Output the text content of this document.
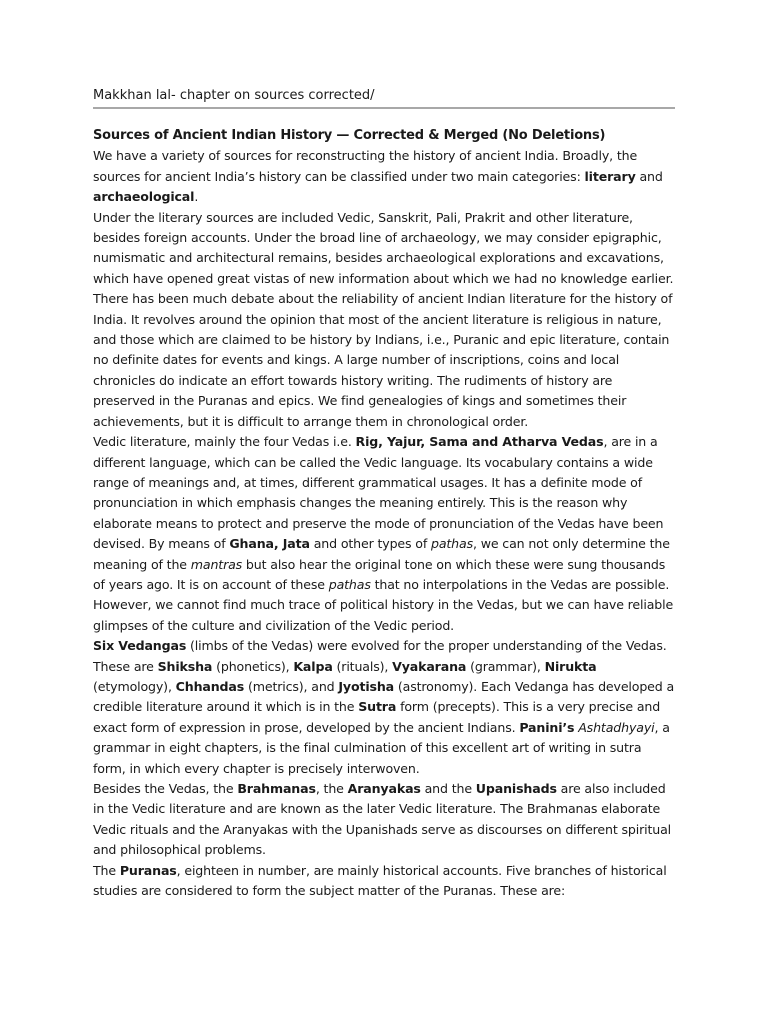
Makkhan lal- chapter on sources corrected/
Sources of Ancient Indian History — Corrected & Merged (No Deletions)

We have a variety of sources for reconstructing the history of ancient India. Broadly, the sources for ancient India’s history can be classified under two main categories: literary and archaeological.

Under the literary sources are included Vedic, Sanskrit, Pali, Prakrit and other literature, besides foreign accounts. Under the broad line of archaeology, we may consider epigraphic, numismatic and architectural remains, besides archaeological explorations and excavations, which have opened great vistas of new information about which we had no knowledge earlier.

There has been much debate about the reliability of ancient Indian literature for the history of India. It revolves around the opinion that most of the ancient literature is religious in nature, and those which are claimed to be history by Indians, i.e., Puranic and epic literature, contain no definite dates for events and kings. A large number of inscriptions, coins and local chronicles do indicate an effort towards history writing. The rudiments of history are preserved in the Puranas and epics. We find genealogies of kings and sometimes their achievements, but it is difficult to arrange them in chronological order.

Vedic literature, mainly the four Vedas i.e. Rig, Yajur, Sama and Atharva Vedas, are in a different language, which can be called the Vedic language. Its vocabulary contains a wide range of meanings and, at times, different grammatical usages. It has a definite mode of pronunciation in which emphasis changes the meaning entirely. This is the reason why elaborate means to protect and preserve the mode of pronunciation of the Vedas have been devised. By means of Ghana, Jata and other types of pathas, we can not only determine the meaning of the mantras but also hear the original tone on which these were sung thousands of years ago. It is on account of these pathas that no interpolations in the Vedas are possible. However, we cannot find much trace of political history in the Vedas, but we can have reliable glimpses of the culture and civilization of the Vedic period.

Six Vedangas (limbs of the Vedas) were evolved for the proper understanding of the Vedas. These are Shiksha (phonetics), Kalpa (rituals), Vyakarana (grammar), Nirukta (etymology), Chhandas (metrics), and Jyotisha (astronomy). Each Vedanga has developed a credible literature around it which is in the Sutra form (precepts). This is a very precise and exact form of expression in prose, developed by the ancient Indians. Panini’s Ashtadhyayi, a grammar in eight chapters, is the final culmination of this excellent art of writing in sutra form, in which every chapter is precisely interwoven.

Besides the Vedas, the Brahmanas, the Aranyakas and the Upanishads are also included in the Vedic literature and are known as the later Vedic literature. The Brahmanas elaborate Vedic rituals and the Aranyakas with the Upanishads serve as discourses on different spiritual and philosophical problems.

The Puranas, eighteen in number, are mainly historical accounts. Five branches of historical studies are considered to form the subject matter of the Puranas. These are:
